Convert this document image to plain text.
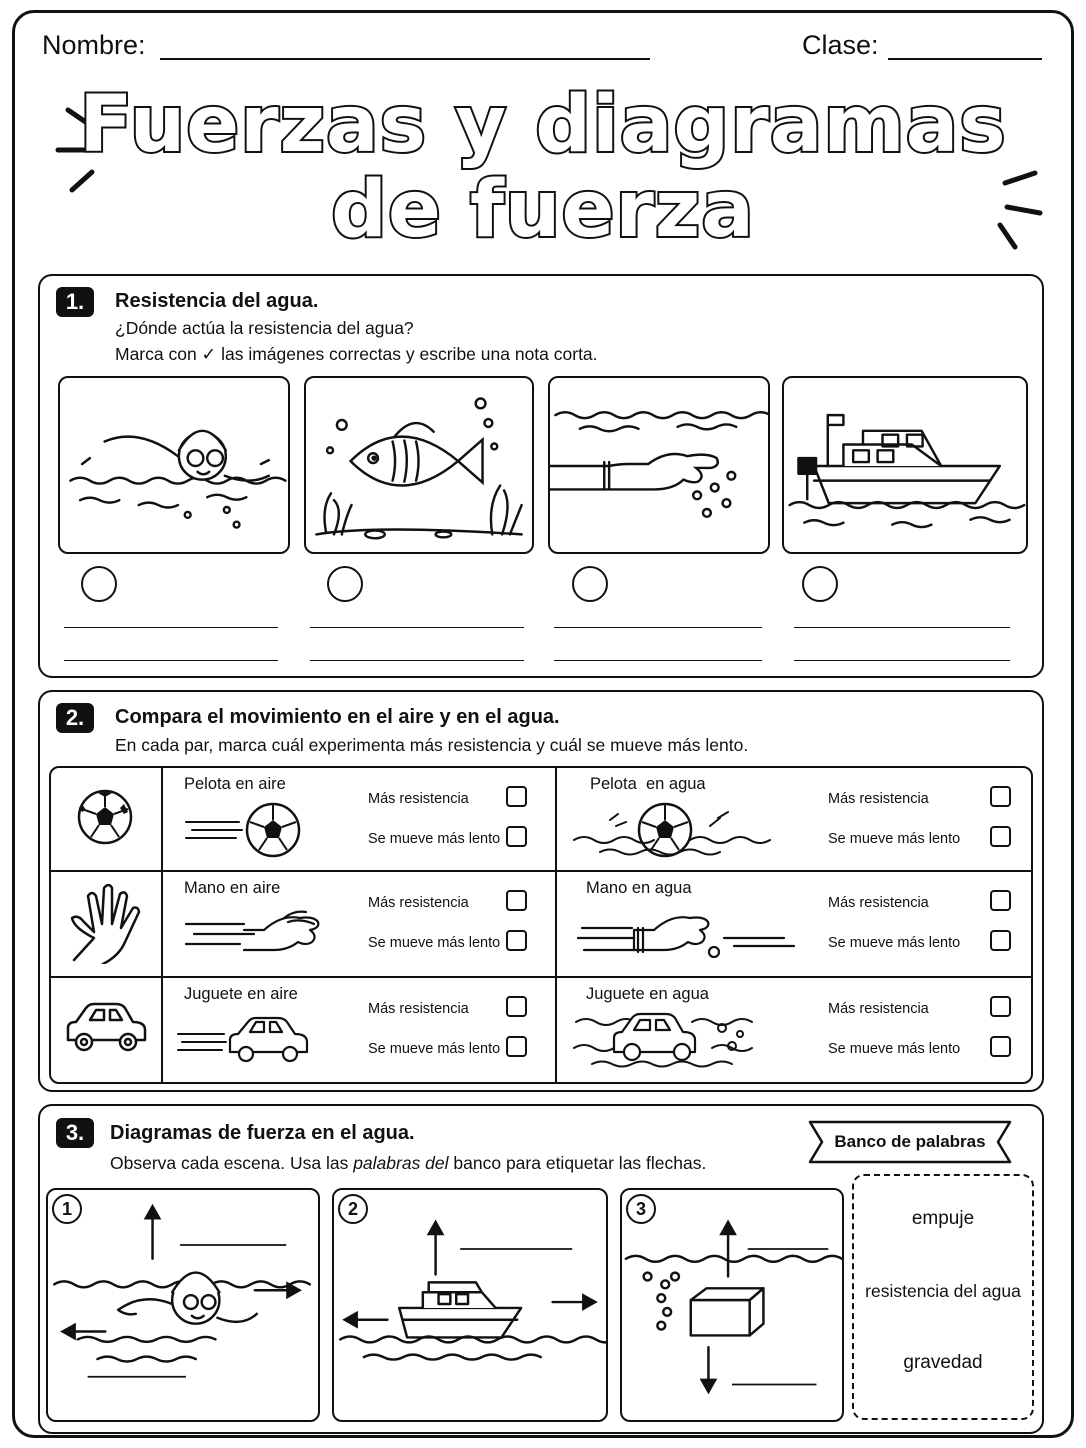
Nombre:	Clase:
Fuerzas y diagramas
de fuerza
1.	Resistencia del agua.
¿Dónde actúa la resistencia del agua?
Marca con ✓ las imágenes correctas y escribe una nota corta.
2.	Compara el movimiento en el aire y en el agua.
En cada par, marca cuál experimenta más resistencia y cuál se mueve más lento.
Pelota en aire
Más resistencia
Se mueve más lento
Pelota  en agua
Más resistencia
Se mueve más lento
Mano en aire
Más resistencia
Se mueve más lento
Mano en agua
Más resistencia
Se mueve más lento
Juguete en aire
Más resistencia
Se mueve más lento
Juguete en agua
Más resistencia
Se mueve más lento
3.	Diagramas de fuerza en el agua.
Observa cada escena. Usa las palabras del banco para etiquetar las flechas.
Banco de palabras
empuje
resistencia del agua
gravedad
1	2	3
